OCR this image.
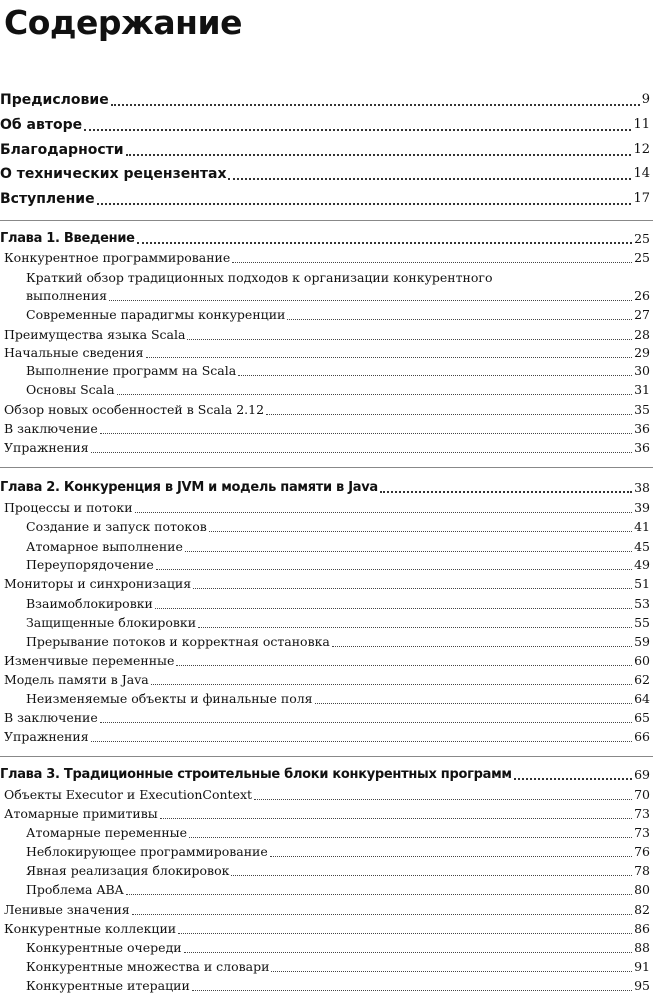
Содержание
Предисловие	9
Об авторе	11
Благодарности	12
О технических рецензентах	14
Вступление	17
Глава 1. Введение	25
Конкурентное программирование	25
Краткий обзор традиционных подходов к организации конкурентного
выполнения	26
Современные парадигмы конкуренции	27
Преимущества языка Scala	28
Начальные сведения	29
Выполнение программ на Scala	30
Основы Scala	31
Обзор новых особенностей в Scala 2.12	35
В заключение	36
Упражнения	36
Глава 2. Конкуренция в JVM и модель памяти в Java	38
Процессы и потоки	39
Создание и запуск потоков	41
Атомарное выполнение	45
Переупорядочение	49
Мониторы и синхронизация	51
Взаимоблокировки	53
Защищенные блокировки	55
Прерывание потоков и корректная остановка	59
Изменчивые переменные	60
Модель памяти в Java	62
Неизменяемые объекты и финальные поля	64
В заключение	65
Упражнения	66
Глава 3. Традиционные строительные блоки конкурентных программ	69
Объекты Executor и ExecutionContext	70
Атомарные примитивы	73
Атомарные переменные	73
Неблокирующее программирование	76
Явная реализация блокировок	78
Проблема ABA	80
Ленивые значения	82
Конкурентные коллекции	86
Конкурентные очереди	88
Конкурентные множества и словари	91
Конкурентные итерации	95
